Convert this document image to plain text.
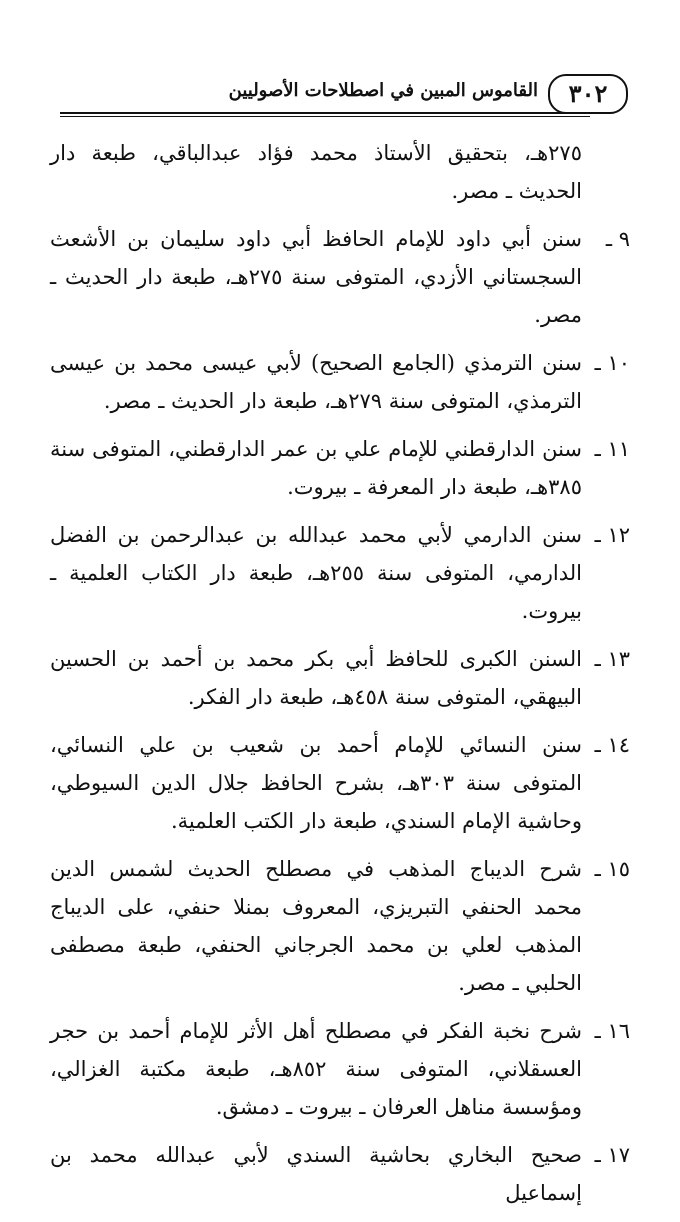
٣٠٢
القاموس المبين في اصطلاحات الأصوليين
٢٧٥هـ، بتحقيق الأستاذ محمد فؤاد عبدالباقي، طبعة دار الحديث ـ مصر.
٩ ـ
سنن أبي داود للإمام الحافظ أبي داود سليمان بن الأشعث السجستاني الأزدي، المتوفى سنة ٢٧٥هـ، طبعة دار الحديث ـ مصر.
١٠ ـ
سنن الترمذي (الجامع الصحيح) لأبي عيسى محمد بن عيسى الترمذي، المتوفى سنة ٢٧٩هـ، طبعة دار الحديث ـ مصر.
١١ ـ
سنن الدارقطني للإمام علي بن عمر الدارقطني، المتوفى سنة ٣٨٥هـ، طبعة دار المعرفة ـ بيروت.
١٢ ـ
سنن الدارمي لأبي محمد عبدالله بن عبدالرحمن بن الفضل الدارمي، المتوفى سنة ٢٥٥هـ، طبعة دار الكتاب العلمية ـ بيروت.
١٣ ـ
السنن الكبرى للحافظ أبي بكر محمد بن أحمد بن الحسين البيهقي، المتوفى سنة ٤٥٨هـ، طبعة دار الفكر.
١٤ ـ
سنن النسائي للإمام أحمد بن شعيب بن علي النسائي، المتوفى سنة ٣٠٣هـ، بشرح الحافظ جلال الدين السيوطي، وحاشية الإمام السندي، طبعة دار الكتب العلمية.
١٥ ـ
شرح الديباج المذهب في مصطلح الحديث لشمس الدين محمد الحنفي التبريزي، المعروف بمنلا حنفي، على الديباج المذهب لعلي بن محمد الجرجاني الحنفي، طبعة مصطفى الحلبي ـ مصر.
١٦ ـ
شرح نخبة الفكر في مصطلح أهل الأثر للإمام أحمد بن حجر العسقلاني، المتوفى سنة ٨٥٢هـ، طبعة مكتبة الغزالي، ومؤسسة مناهل العرفان ـ بيروت ـ دمشق.
١٧ ـ
صحيح البخاري بحاشية السندي لأبي عبدالله محمد بن إسماعيل
